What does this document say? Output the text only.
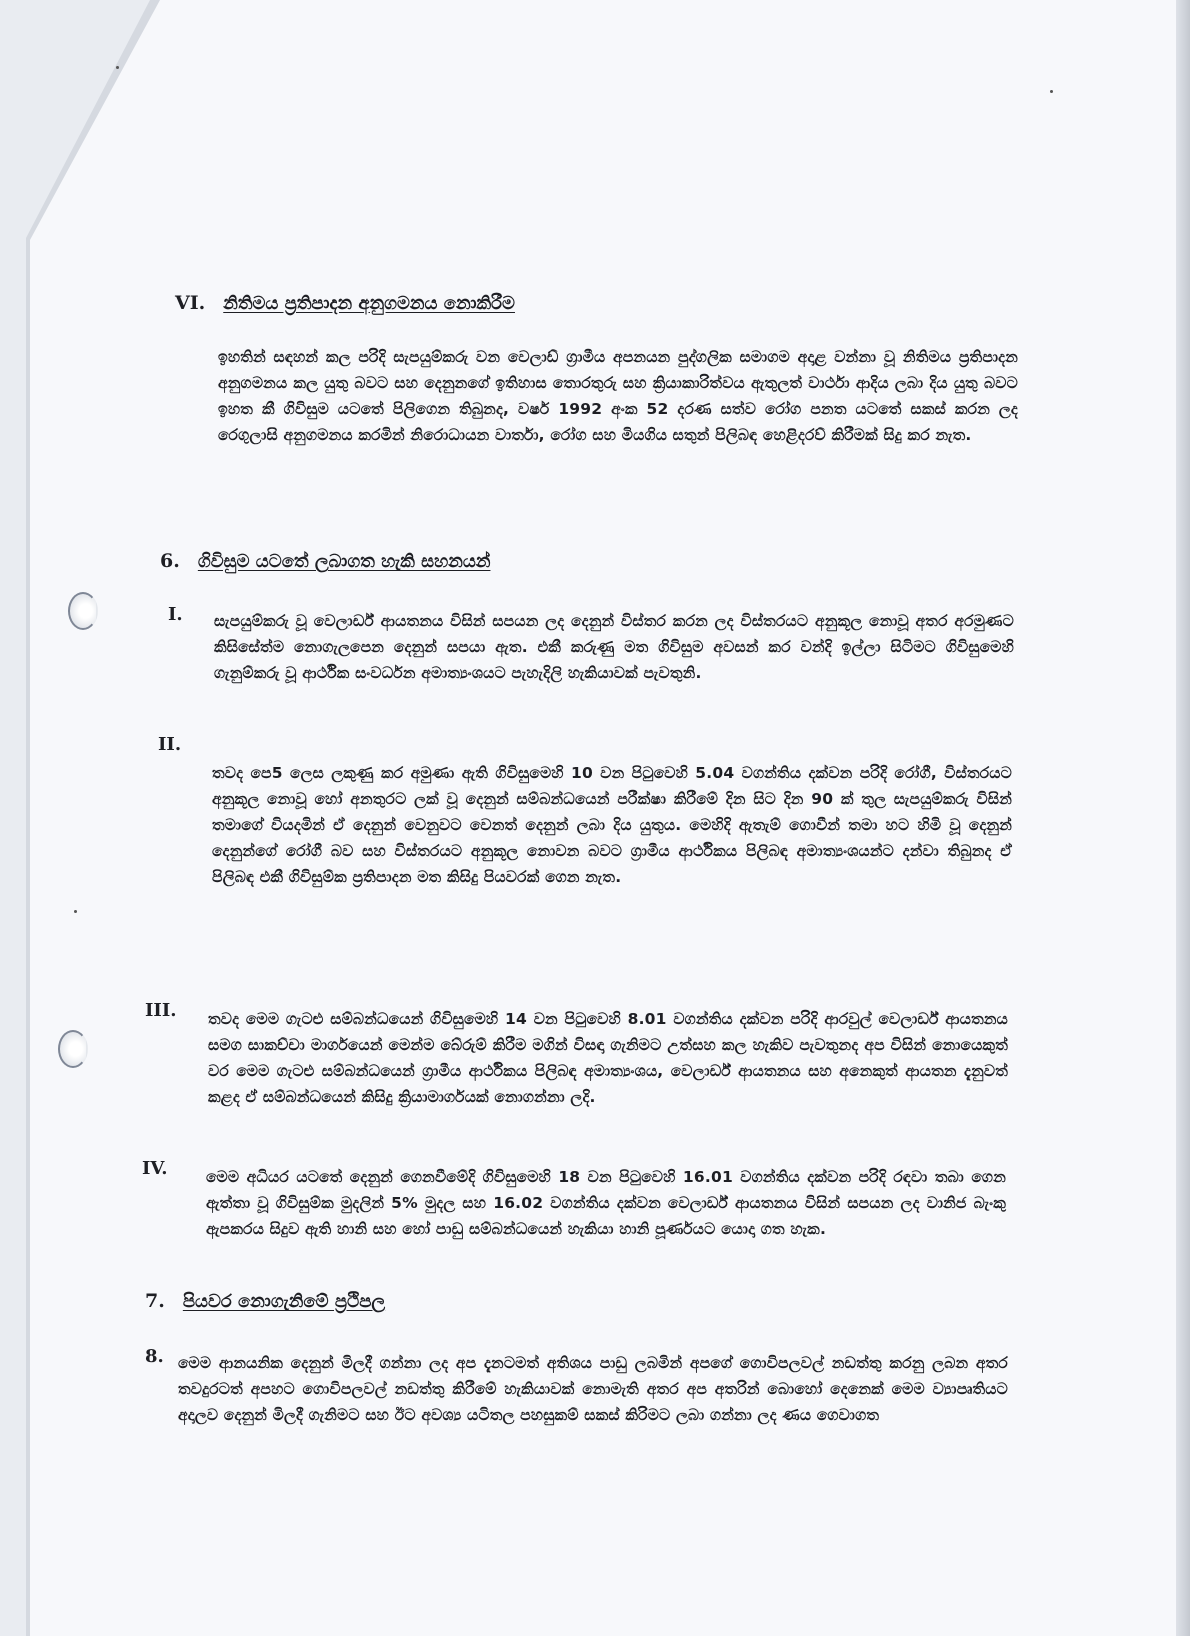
VI. නිතිමය ප්‍රතිපාදන අනුගමනය නොකිරීම
ඉහතින් සඳහන් කල පරිදි සැපයුම්කරු වන වෙලාඩ් ග්‍රාමීය අපනයන පුද්ගලික සමාගම අදාළ වන්නා වූ නිතිමය ප්‍රතිපාදන අනුගමනය කල යුතු බවට සහ දෙනුනගේ ඉතිහාස තොරතුරු සහ ක්‍රියාකාරිත්වය ඇතුලත් වාර්ථා ආදිය ලබා දිය යුතු බවට ඉහත කී ගිවිසුම යටතේ පිලිගෙන තිබුනද, වර්ෂ 1992 අංක 52 දරණ සත්ව රෝග පනත යටතේ සකස් කරන ලද රෙගුලාසි අනුගමනය කරමින් නිරොධායන වාර්තා, රෝග සහ මියගිය සතුන් පිලිබඳ හෙළිදරව් කිරීමක් සිදු කර නැත.
6. ගිවිසුම යටතේ ලබාගත හැකි සහනයන්
I. සැපයුම්කරු වූ වෙලාර්ඩ් ආයතනය විසින් සපයන ලද දෙනුන් විස්තර කරන ලද විස්තරයට අනුකූල නොවූ අතර අරමුණට කිසිසේත්ම නොගැලපෙන දෙනුන් සපයා ඇත. එකී කරුණු මත ගිවිසුම අවසන් කර වන්දි ඉල්ලා සිටිමට ගිවිසුමෙහි ගැනුම්කරු වූ ආර්ථික සංවර්ධන අමාත්‍යංශයට පැහැදිලි හැකියාවක් පැවතුනි.
II.
තවද පෙ5 ලෙස ලකුණු කර අමුණා ඇති ගිවිසුමෙහි 10 වන පිටුවෙහි 5.04 වගන්තිය දක්වන පරිදි රෝගී, විස්තරයට අනුකූල නොවූ හෝ අනතුරට ලක් වූ දෙනුන් සම්බන්ධයෙන් පරීක්ෂා කිරීමේ දින සිට දින 90 ක් තුල සැපයුම්කරු විසින් තමාගේ වියදමින් ඒ දෙනුන් වෙනුවට වෙනත් දෙනුන් ලබා දිය යුතුය. මෙහිදි ඇතැම් ගොවීන් තමා හට හිමි වූ දෙනුන් දෙනුන්ගේ රෝගී බව සහ විස්තරයට අනුකූල නොවන බවට ග්‍රාමීය ආර්ථිකය පිලිබඳ අමාත්‍යංශයන්ට දන්වා තිබුනද ඒ පිලිබඳ එකී ගිවිසුම්ක ප්‍රතිපාදන මත කිසිදු පියවරක් ගෙන නැත.
III. තවද මෙම ගැටළු සම්බන්ධයෙන් ගිවිසුමෙහි 14 වන පිටුවෙහි 8.01 වගන්තිය දක්වන පරිදි ආරවුල් වෙලාර්ඩ් ආයතනය සමග සාකච්චා මාර්ගයෙන් මෙන්ම බේරුම් කිරීම මගින් විසඳා ගැනිමට උත්සහ කල හැකිව පැවතුනද අප විසින් නොයෙකුත් වර මෙම ගැටළු සම්බන්ධයෙන් ග්‍රාමීය ආර්ථිකය පිලිබඳ අමාත්‍යංශය, වෙලාර්ඩ් ආයතනය සහ අනෙකුත් ආයතන දැනුවත් කළද ඒ සම්බන්ධයෙන් කිසිදු ක්‍රියාමාර්ගයක් නොගන්නා ලදි.
IV. මෙම අධියර යටතේ දෙනුන් ගෙනවීමේදි ගිවිසුමෙහි 18 වන පිටුවෙහි 16.01 වගන්තිය දක්වන පරිදි රඳවා තබා ගෙන ඇත්තා වූ ගිවිසුම්ක මුදලින් 5% මුදල සහ 16.02 වගන්තිය දක්වන වෙලාර්ඩ් ආයතනය විසින් සපයන ලද වානිජ බැංකු ඇපකරය සිදුව ඇති හානි සහ හෝ පාඩු සම්බන්ධයෙන් හැකියා හානි පූර්ණයට යොදා ගත හැක.
7. පියවර නොගැනිමේ ප්‍රථිපල
8. මෙම ආනයනික දෙනුන් මිලදී ගන්නා ලද අප දැනටමත් අතිශය පාඩු ලබමින් අපගේ ගොවිපලවල් නඩත්තු කරනු ලබන අතර තවදුරටත් අපහට ගොවිපලවල් නඩත්තු කිරීමේ හැකියාවක් නොමැති අතර අප අතරින් බොහෝ දෙනෙක් මෙම ව්‍යාපෘතියට අදාලව දෙනුන් මිලදී ගැනිමට සහ ඊට අවශ්‍ය යටිතල පහසුකම් සකස් කිරිමට ලබා ගන්නා ලද ණය ගෙවාගත
